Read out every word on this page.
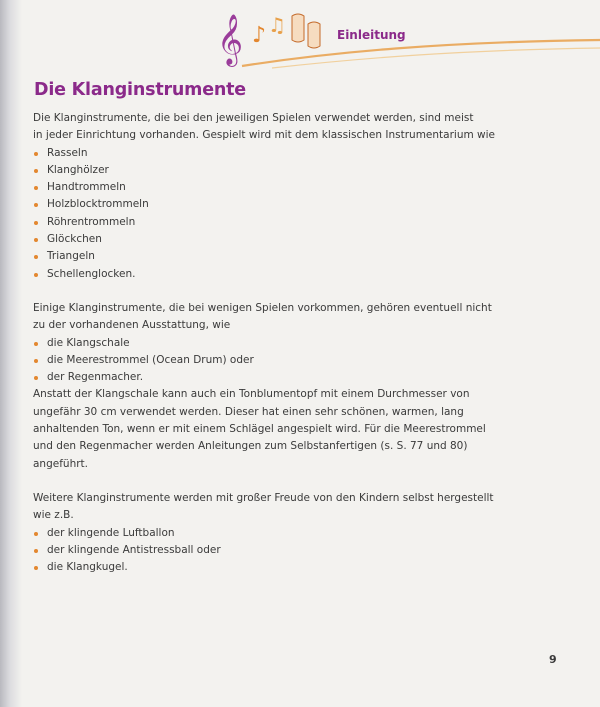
𝄞 ♪ ♫	Einleitung
Die Klanginstrumente

Die Klanginstrumente, die bei den jeweiligen Spielen verwendet werden, sind meist
in jeder Einrichtung vorhanden. Gespielt wird mit dem klassischen Instrumentarium wie

Rasseln
Klanghölzer
Handtrommeln
Holzblocktrommeln
Röhrentrommeln
Glöckchen
Triangeln
Schellenglocken.

Einige Klanginstrumente, die bei wenigen Spielen vorkommen, gehören eventuell nicht
zu der vorhandenen Ausstattung, wie

die Klangschale
die Meerestrommel (Ocean Drum) oder
der Regenmacher.

Anstatt der Klangschale kann auch ein Tonblumentopf mit einem Durchmesser von
ungefähr 30 cm verwendet werden. Dieser hat einen sehr schönen, warmen, lang
anhaltenden Ton, wenn er mit einem Schlägel angespielt wird. Für die Meerestrommel
und den Regenmacher werden Anleitungen zum Selbstanfertigen (s. S. 77 und 80)
angeführt.

Weitere Klanginstrumente werden mit großer Freude von den Kindern selbst hergestellt
wie z.B.

der klingende Luftballon
der klingende Antistressball oder
die Klangkugel.
9
